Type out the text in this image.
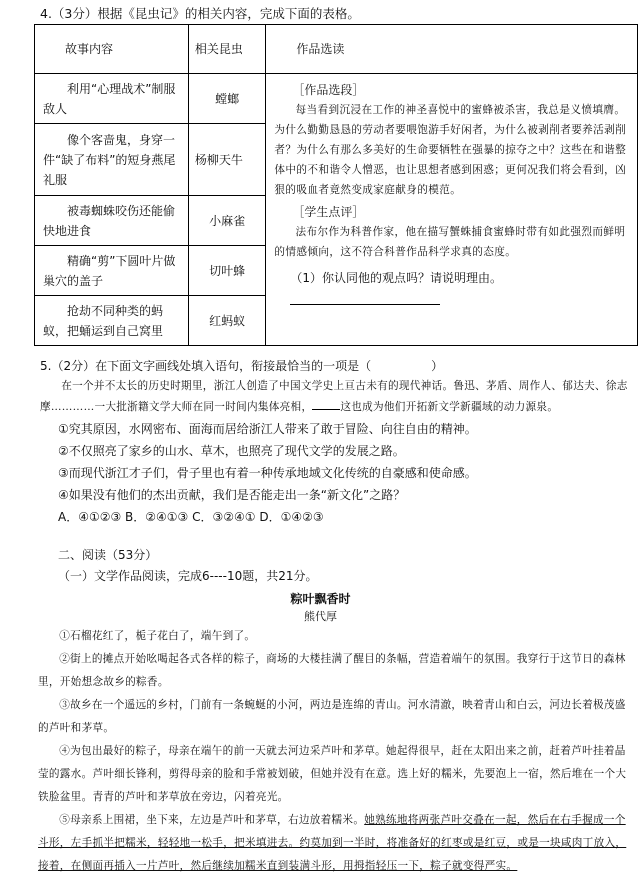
4.（3分）根据《昆虫记》的相关内容，完成下面的表格。
故事内容	相关昆虫	作品选读
利用“心理战术”制服敌人	螳螂	［作品选段］

每当看到沉浸在工作的神圣喜悦中的蜜蜂被杀害，我总是义愤填膺。为什么勤勤恳恳的劳动者要喂饱游手好闲者，为什么被剥削者要养活剥削者？为什么有那么多美好的生命要牺牲在强暴的掠夺之中？这些在和谐整体中的不和谐令人憎恶，也让思想者感到困惑；更何况我们将会看到，凶狠的吸血者竟然变成家庭献身的模范。

［学生点评］

法布尔作为科普作家，他在描写蟹蛛捕食蜜蜂时带有如此强烈而鲜明的情感倾向，这不符合科普作品科学求真的态度。

（1）你认同他的观点吗？请说明理由。

像个客啬鬼，身穿一件“缺了布料”的短身燕尾礼服	杨柳天牛	
被毒蜘蛛咬伤还能偷快地进食	小麻雀	
精确“剪”下圆叶片做巢穴的盖子	切叶蜂	
抢劫不同种类的蚂蚁，把蛹运到自己窝里	红蚂蚁	

5.（2分）在下面文字画线处填入语句，衔接最恰当的一项是（　　　　　）

在一个并不太长的历史时期里，浙江人创造了中国文学史上亘古未有的现代神话。鲁迅、茅盾、周作人、郁达夫、徐志摩…………一大批浙籍文学大师在同一时间内集体亮相，	这也成为他们开拓新文学新疆域的动力源泉。

①究其原因，水网密布、面海而居给浙江人带来了敢于冒险、向往自由的精神。

②不仅照亮了家乡的山水、草木，也照亮了现代文学的发展之路。

③而现代浙江才子们，骨子里也有着一种传承地域文化传统的自豪感和使命感。

④如果没有他们的杰出贡献，我们是否能走出一条“新文化”之路？

A．④①②③ B．②④①③ C．③②④① D．①④②③

二、阅读（53分）
（一）文学作品阅读，完成6----10题，共21分。
粽叶飘香时
熊代厚

①石榴花红了，栀子花白了，端午到了。

②街上的摊点开始吆喝起各式各样的粽子，商场的大楼挂满了醒目的条幅，营造着端午的氛围。我穿行于这节日的森林里，开始想念故乡的粽香。

③故乡在一个遥远的乡村，门前有一条蜿蜒的小河，两边是连绵的青山。河水清澈，映着青山和白云，河边长着极茂盛的芦叶和茅草。

④为包出最好的粽子，母亲在端午的前一天就去河边采芦叶和茅草。她起得很早，赶在太阳出来之前，赶着芦叶挂着晶莹的露水。芦叶细长锋利，剪得母亲的脸和手常被划破，但她并没有在意。选上好的糯米，先要泡上一宿，然后堆在一个大铁脸盆里。青青的芦叶和茅草放在旁边，闪着亮光。

⑤母亲系上围裙，坐下来，左边是芦叶和茅草，右边放着糯米。她熟练地将两张芦叶交叠在一起，然后在右手握成一个斗形，左手抓半把糯米，轻轻地一松手，把米填进去。约莫加到一半时，将准备好的红枣或是红豆，或是一块咸肉丁放入，接着，在侧面再插入一片芦叶，然后继续加糯米直到装满斗形，用拇指轻压一下，粽子就变得严实。
